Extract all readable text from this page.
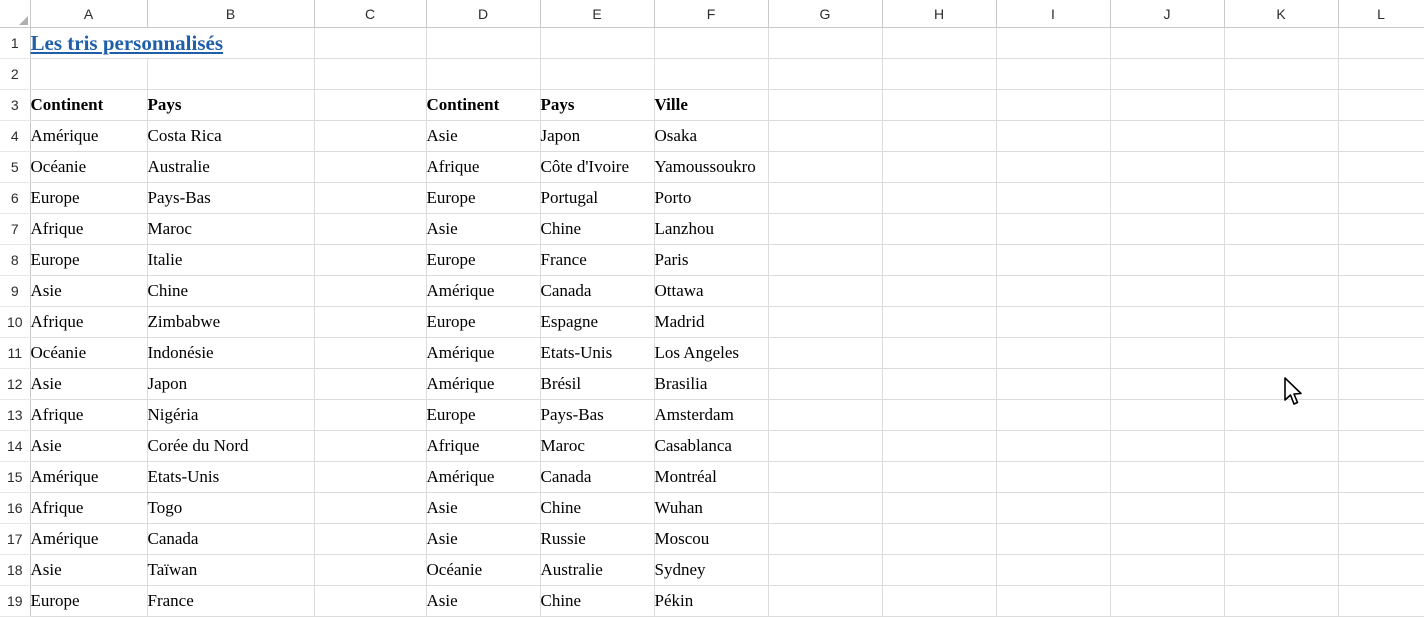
	A	B	C	D	E	F	G	H	I	J	K	L
1	Les tris personnalisés											
2												
3	Continent	Pays		Continent	Pays	Ville						
4	Amérique	Costa Rica		Asie	Japon	Osaka						
5	Océanie	Australie		Afrique	Côte d'Ivoire	Yamoussoukro						
6	Europe	Pays-Bas		Europe	Portugal	Porto						
7	Afrique	Maroc		Asie	Chine	Lanzhou						
8	Europe	Italie		Europe	France	Paris						
9	Asie	Chine		Amérique	Canada	Ottawa						
10	Afrique	Zimbabwe		Europe	Espagne	Madrid						
11	Océanie	Indonésie		Amérique	Etats-Unis	Los Angeles						
12	Asie	Japon		Amérique	Brésil	Brasilia						
13	Afrique	Nigéria		Europe	Pays-Bas	Amsterdam						
14	Asie	Corée du Nord		Afrique	Maroc	Casablanca						
15	Amérique	Etats-Unis		Amérique	Canada	Montréal						
16	Afrique	Togo		Asie	Chine	Wuhan						
17	Amérique	Canada		Asie	Russie	Moscou						
18	Asie	Taïwan		Océanie	Australie	Sydney						
19	Europe	France		Asie	Chine	Pékin						
